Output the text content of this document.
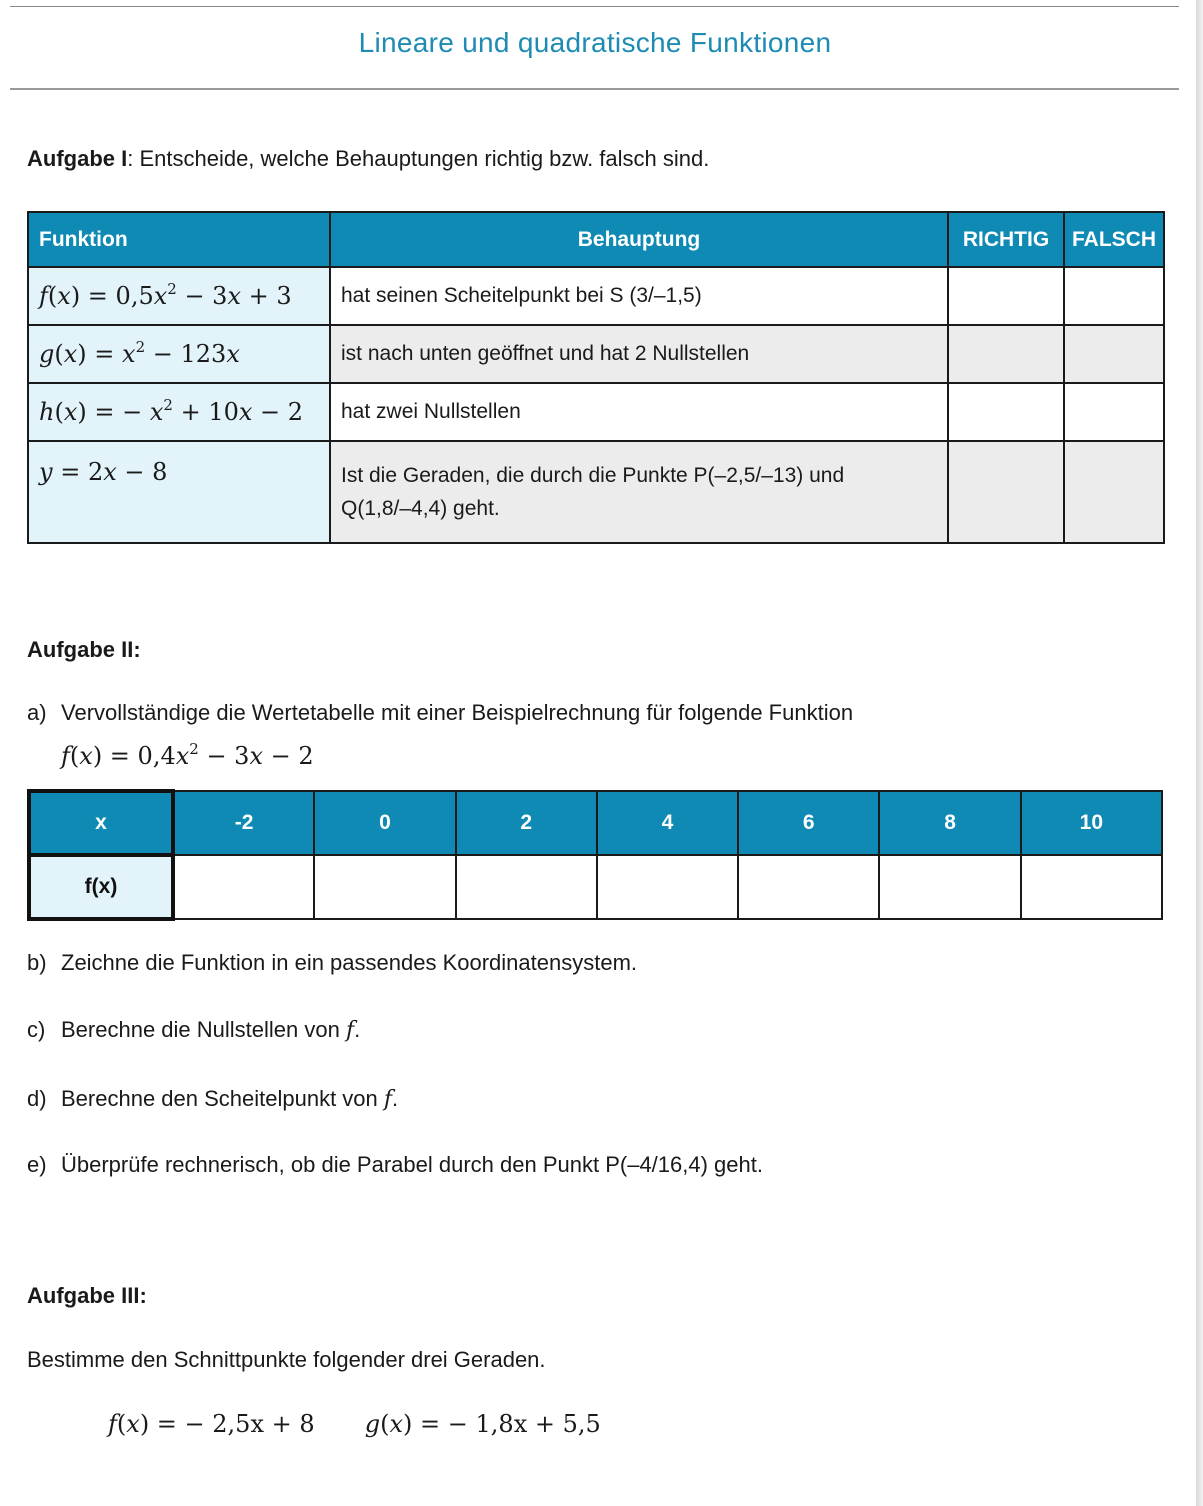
Lineare und quadratische Funktionen
Aufgabe I: Entscheide, welche Behauptungen richtig bzw. falsch sind.
Funktion	Behauptung	RICHTIG	FALSCH
$f(x) = 0,5x^2 - 3x + 3$	hat seinen Scheitelpunkt bei S (3/–1,5)		
$g(x) = x^2 - 123x$	ist nach unten geöffnet und hat 2 Nullstellen		
h(x) = − $x^2 + 10x - 2$	hat zwei Nullstellen		
y = 2x − 8	Ist die Geraden, die durch die Punkte P(–2,5/–13) und
Q(1,8/–4,4) geht.		

Aufgabe II:
a) Vervollständige die Wertetabelle mit einer Beispielrechnung für folgende Funktion
$f(x) = 0,4x^2 - 3x - 2$
x	-2	0	2	4	6	8	10
f(x)							
b) Zeichne die Funktion in ein passendes Koordinatensystem.
c) Berechne die Nullstellen von f.
d) Berechne den Scheitelpunkt von f.
e) Überprüfe rechnerisch, ob die Parabel durch den Punkt P(–4/16,4) geht.
Aufgabe III:
Bestimme den Schnittpunkte folgender drei Geraden.
f(x) = − 2,5x + 8 g(x) = − 1,8x + 5,5
